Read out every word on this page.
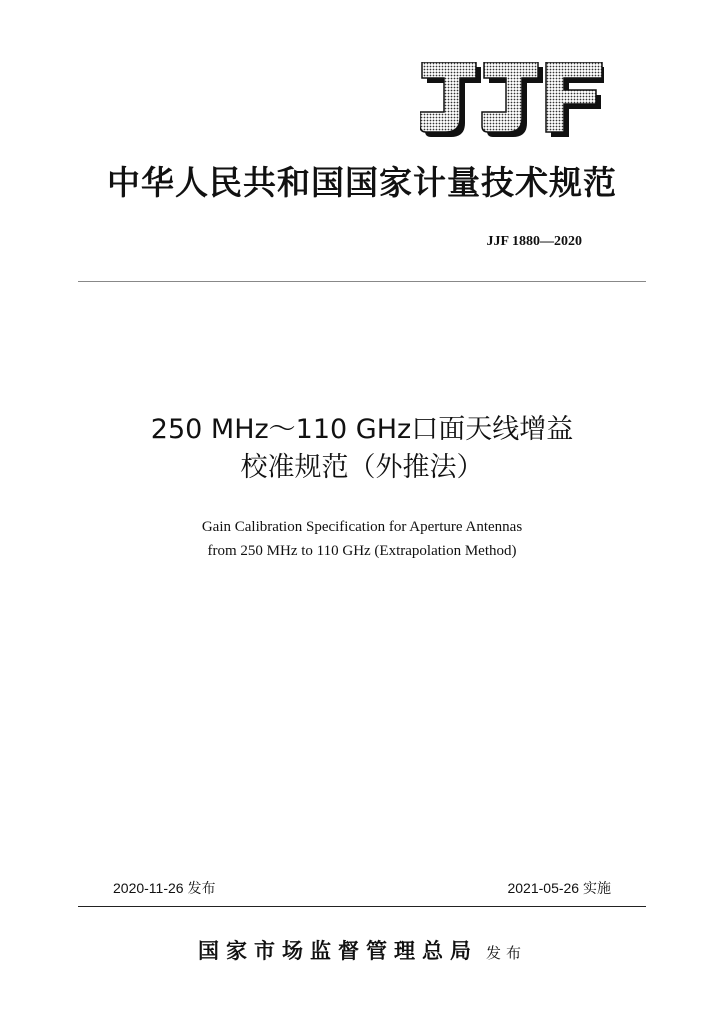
中华人民共和国国家计量技术规范
JJF 1880—2020
250 MHz～110 GHz口面天线增益
校准规范（外推法）
Gain Calibration Specification for Aperture Antennas
from 250 MHz to 110 GHz (Extrapolation Method)
2020-11-26 发布	2021-05-26 实施
国家市场监督管理总局 发布
